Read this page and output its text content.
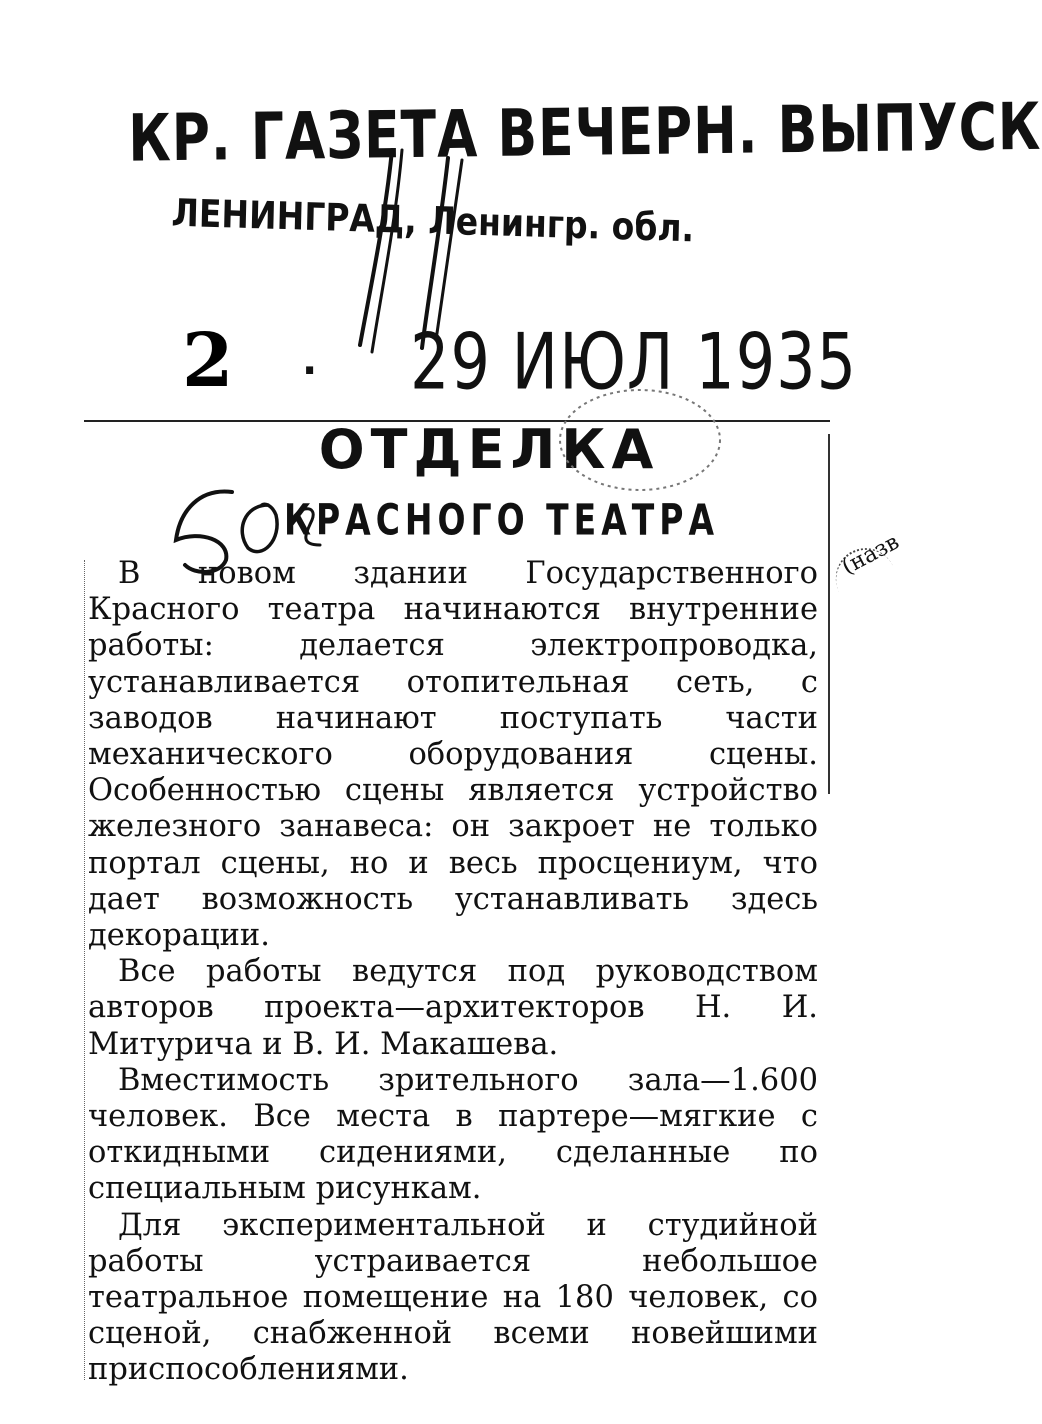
КР. ГАЗЕТА ВЕЧЕРН. ВЫПУСК
ЛЕНИНГРАД, Ленингр. обл.
2 . 29 ИЮЛ 1935
ОТДЕЛКА
КРАСНОГО ТЕАТРА

В новом здании Государственного Красного театра начинаются внутренние работы: делается электропроводка, устанавливается отопительная сеть, с заводов начинают поступать части механического оборудования сцены. Особенностью сцены является устройство железного занавеса: он закроет не только портал сцены, но и весь просцениум, что дает возможность устанавливать здесь декорации.

Все работы ведутся под руководством авторов проекта—архитекторов Н. И. Митурича и В. И. Макашева.

Вместимость зрительного зала—1.600 человек. Все места в партере—мягкие с откидными сидениями, сделанные по специальным рисункам.

Для экспериментальной и студийной работы устраивается небольшое театральное помещение на 180 человек, со сценой, снабженной всеми новейшими приспособлениями.

(назв
